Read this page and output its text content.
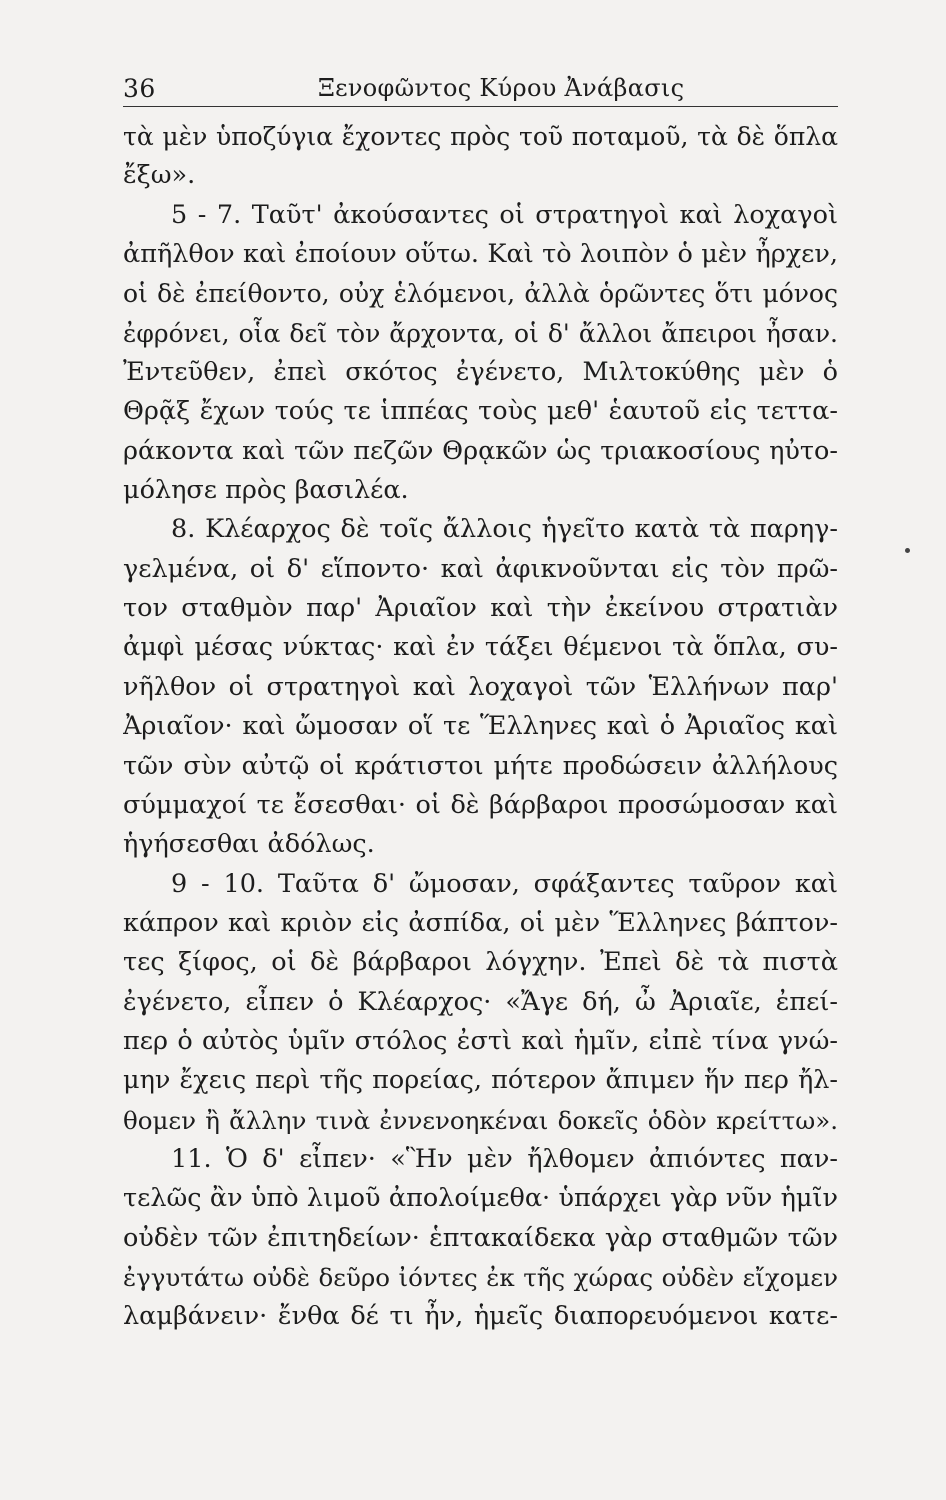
36	Ξενοφῶντος Κύρου Ἀνάβασις
τὰ μὲν ὑποζύγια ἔχοντες πρὸς τοῦ ποταμοῦ, τὰ δὲ ὅπλα
ἔξω».
5 - 7. Ταῦτ' ἀκούσαντες οἱ στρατηγοὶ καὶ λοχαγοὶ
ἀπῆλθον καὶ ἐποίουν οὕτω. Καὶ τὸ λοιπὸν ὁ μὲν ἦρχεν,
οἱ δὲ ἐπείθοντο, οὐχ ἑλόμενοι, ἀλλὰ ὁρῶντες ὅτι μόνος
ἐφρόνει, οἷα δεῖ τὸν ἄρχοντα, οἱ δ' ἄλλοι ἄπειροι ἦσαν.
Ἐντεῦθεν, ἐπεὶ σκότος ἐγένετο, Μιλτοκύθης μὲν ὁ
Θρᾷξ ἔχων τούς τε ἱππέας τοὺς μεθ' ἑαυτοῦ εἰς τεττα-
ράκοντα καὶ τῶν πεζῶν Θρᾳκῶν ὡς τριακοσίους ηὐτο-
μόλησε πρὸς βασιλέα.
8. Κλέαρχος δὲ τοῖς ἄλλοις ἡγεῖτο κατὰ τὰ παρηγ-
γελμένα, οἱ δ' εἵποντο· καὶ ἀφικνοῦνται εἰς τὸν πρῶ-
τον σταθμὸν παρ' Ἀριαῖον καὶ τὴν ἐκείνου στρατιὰν
ἀμφὶ μέσας νύκτας· καὶ ἐν τάξει θέμενοι τὰ ὅπλα, συ-
νῆλθον οἱ στρατηγοὶ καὶ λοχαγοὶ τῶν Ἑλλήνων παρ'
Ἀριαῖον· καὶ ὤμοσαν οἵ τε Ἕλληνες καὶ ὁ Ἀριαῖος καὶ
τῶν σὺν αὐτῷ οἱ κράτιστοι μήτε προδώσειν ἀλλήλους
σύμμαχοί τε ἔσεσθαι· οἱ δὲ βάρβαροι προσώμοσαν καὶ
ἡγήσεσθαι ἀδόλως.
9 - 10. Ταῦτα δ' ὤμοσαν, σφάξαντες ταῦρον καὶ
κάπρον καὶ κριὸν εἰς ἀσπίδα, οἱ μὲν Ἕλληνες βάπτον-
τες ξίφος, οἱ δὲ βάρβαροι λόγχην. Ἐπεὶ δὲ τὰ πιστὰ
ἐγένετο, εἶπεν ὁ Κλέαρχος· «Ἄγε δή, ὦ Ἀριαῖε, ἐπεί-
περ ὁ αὐτὸς ὑμῖν στόλος ἐστὶ καὶ ἡμῖν, εἰπὲ τίνα γνώ-
μην ἔχεις περὶ τῆς πορείας, πότερον ἄπιμεν ἥν περ ἤλ-
θομεν ἢ ἄλλην τινὰ ἐννενοηκέναι δοκεῖς ὁδὸν κρείττω».
11. Ὁ δ' εἶπεν· «Ἣν μὲν ἤλθομεν ἀπιόντες παν-
τελῶς ἂν ὑπὸ λιμοῦ ἀπολοίμεθα· ὑπάρχει γὰρ νῦν ἡμῖν
οὐδὲν τῶν ἐπιτηδείων· ἑπτακαίδεκα γὰρ σταθμῶν τῶν
ἐγγυτάτω οὐδὲ δεῦρο ἰόντες ἐκ τῆς χώρας οὐδὲν εἴχομεν
λαμβάνειν· ἔνθα δέ τι ἦν, ἡμεῖς διαπορευόμενοι κατε-
